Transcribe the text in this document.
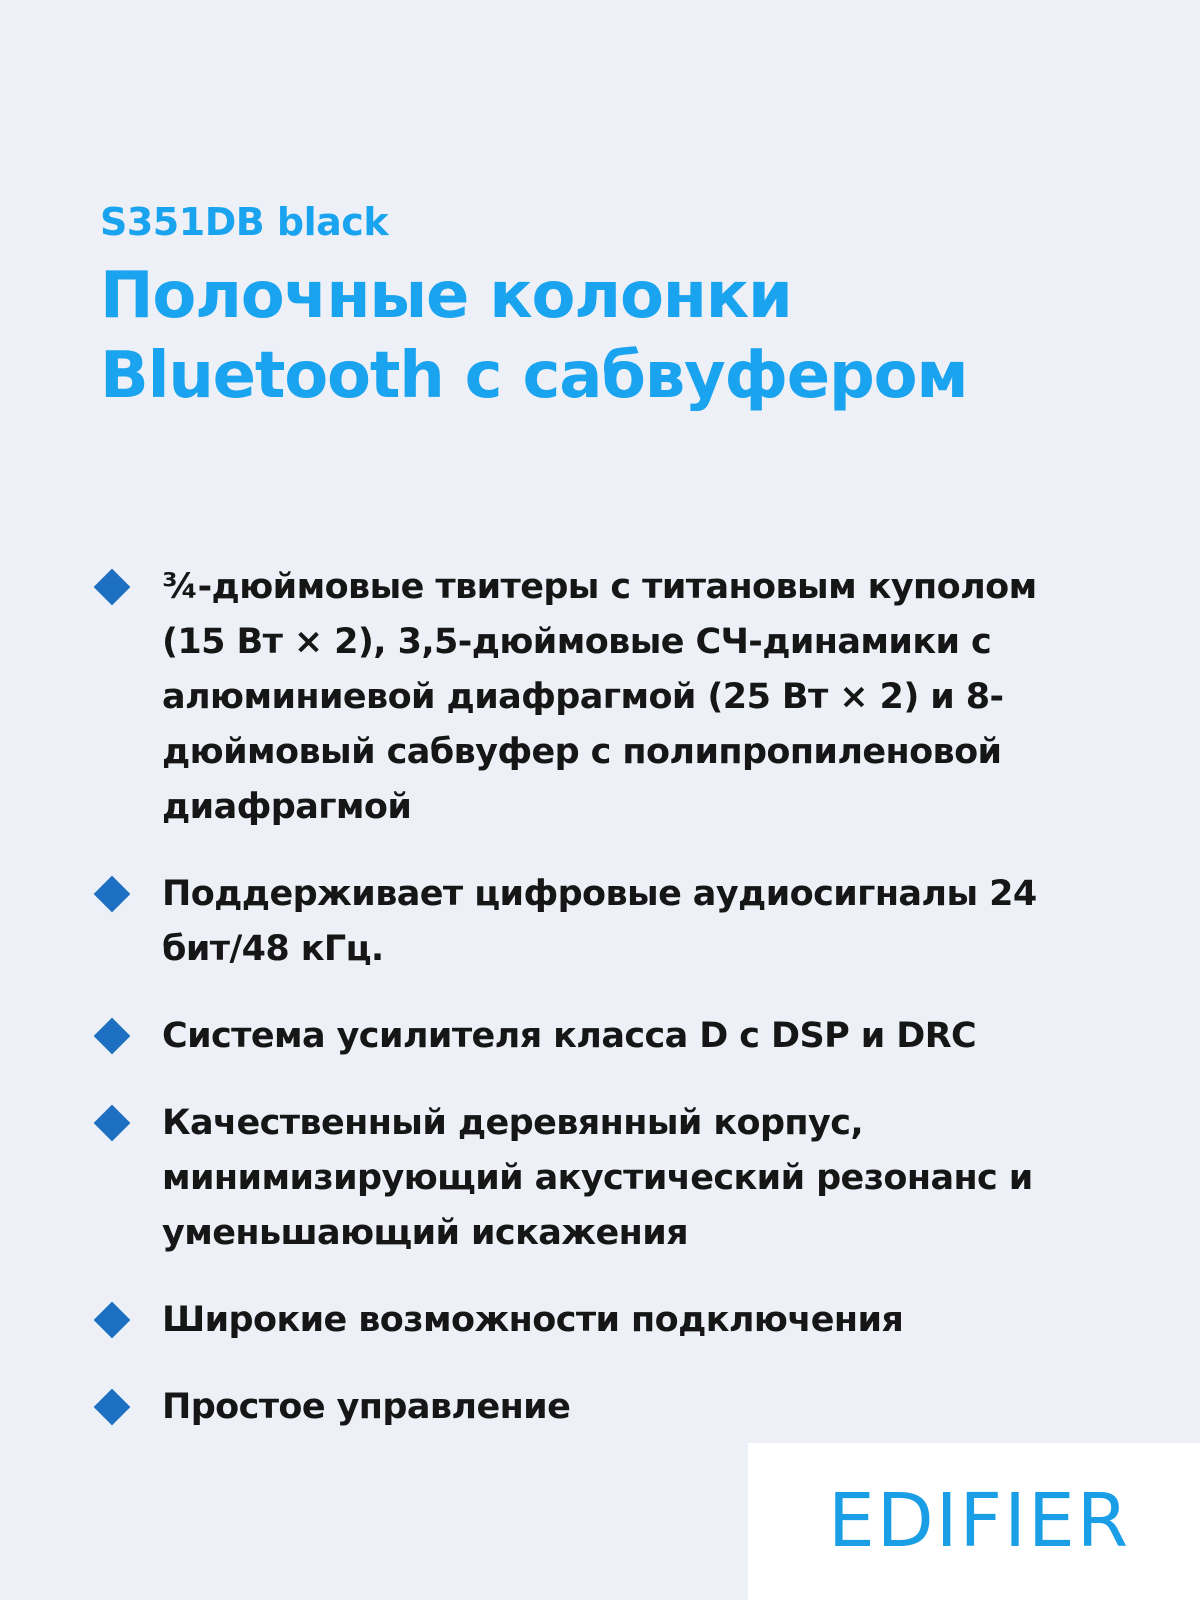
S351DB black
Полочные колонки
Bluetooth с сабвуфером
¾-дюймовые твитеры с титановым куполом (15 Вт × 2), 3,5-дюймовые СЧ-динамики с алюминиевой диафрагмой (25 Вт × 2) и 8-дюймовый сабвуфер с полипропиленовой диафрагмой
Поддерживает цифровые аудиосигналы 24 бит/48 кГц.
Система усилителя класса D с DSP и DRC
Качественный деревянный корпус, минимизирующий акустический резонанс и уменьшающий искажения
Широкие возможности подключения
Простое управление
EDIFIER
